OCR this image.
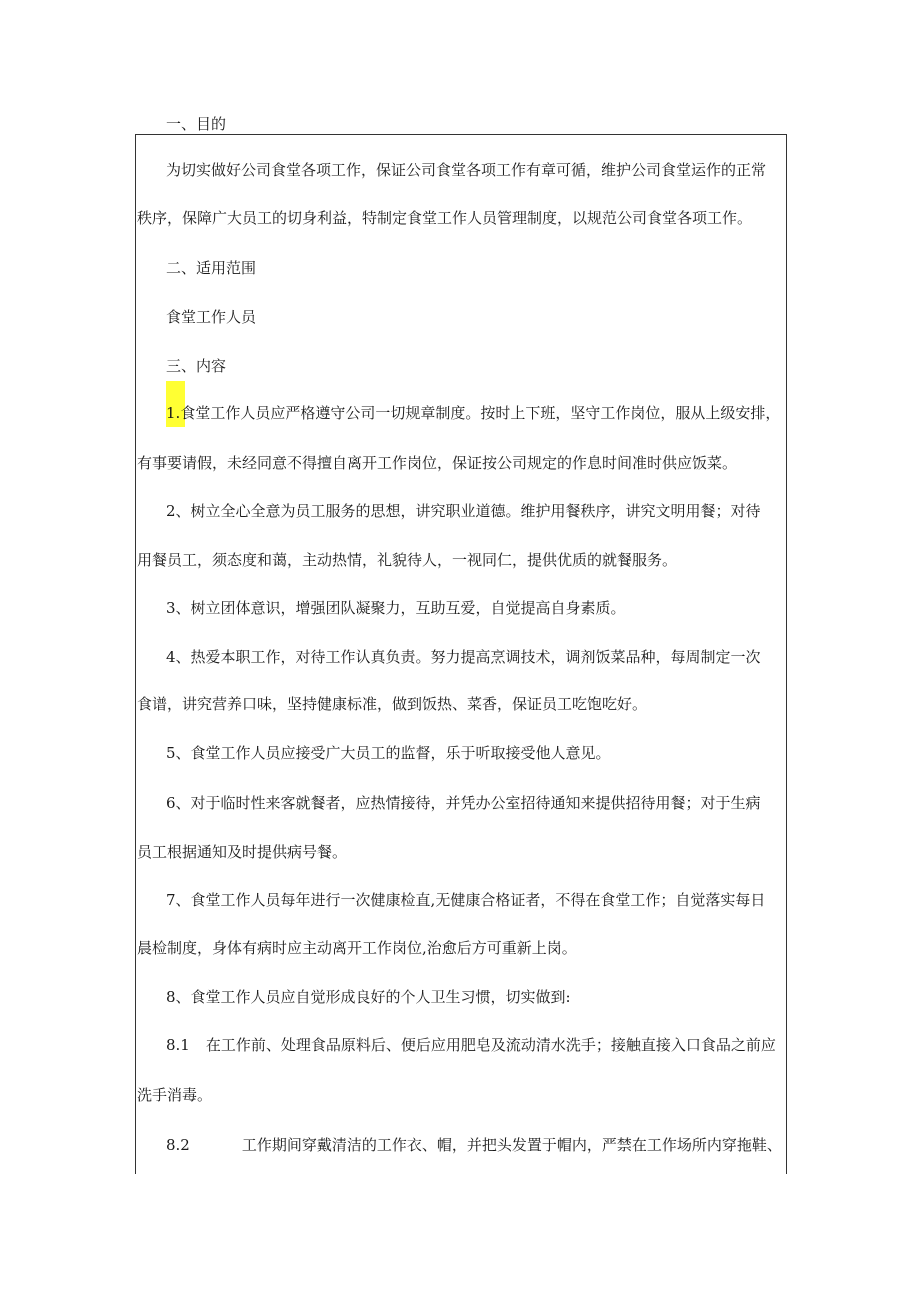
一、目的
为切实做好公司食堂各项工作，保证公司食堂各项工作有章可循，维护公司食堂运作的正常
秩序，保障广大员工的切身利益，特制定食堂工作人员管理制度，以规范公司食堂各项工作。
二、适用范围
食堂工作人员
三、内容
1.食堂工作人员应严格遵守公司一切规章制度。按时上下班，坚守工作岗位，服从上级安排，
有事要请假，未经同意不得擅自离开工作岗位，保证按公司规定的作息时间准时供应饭菜。
2、树立全心全意为员工服务的思想，讲究职业道德。维护用餐秩序，讲究文明用餐；对待
用餐员工，须态度和蔼，主动热情，礼貌待人，一视同仁，提供优质的就餐服务。
3、树立团体意识，增强团队凝聚力，互助互爱，自觉提高自身素质。
4、热爱本职工作，对待工作认真负责。努力提高烹调技术，调剂饭菜品种，每周制定一次
食谱，讲究营养口味，坚持健康标准，做到饭热、菜香，保证员工吃饱吃好。
5、食堂工作人员应接受广大员工的监督，乐于听取接受他人意见。
6、对于临时性来客就餐者，应热情接待，并凭办公室招待通知来提供招待用餐；对于生病
员工根据通知及时提供病号餐。
7、食堂工作人员每年进行一次健康检直,无健康合格证者，不得在食堂工作；自觉落实每日
晨检制度，身体有病时应主动离开工作岗位,治愈后方可重新上岗。
8、食堂工作人员应自觉形成良好的个人卫生习惯，切实做到:
8.1 在工作前、处理食品原料后、便后应用肥皂及流动清水洗手；接触直接入口食品之前应
洗手消毒。
8.2	工作期间穿戴清洁的工作衣、帽，并把头发置于帽内，严禁在工作场所内穿拖鞋、
